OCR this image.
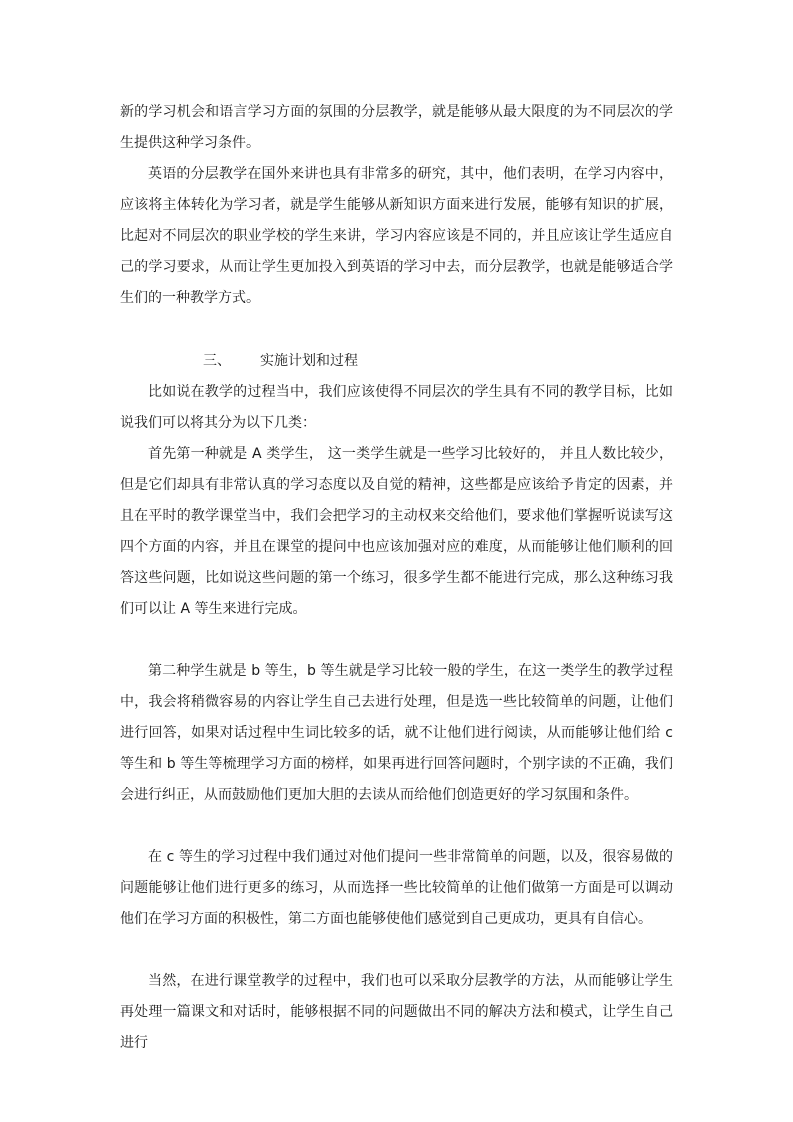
新的学习机会和语言学习方面的氛围的分层教学，就是能够从最大限度的为不同层次的学生提供这种学习条件。

英语的分层教学在国外来讲也具有非常多的研究，其中，他们表明，在学习内容中，应该将主体转化为学习者，就是学生能够从新知识方面来进行发展，能够有知识的扩展，比起对不同层次的职业学校的学生来讲，学习内容应该是不同的，并且应该让学生适应自己的学习要求，从而让学生更加投入到英语的学习中去，而分层教学，也就是能够适合学生们的一种教学方式。

三、 实施计划和过程

比如说在教学的过程当中，我们应该使得不同层次的学生具有不同的教学目标，比如说我们可以将其分为以下几类：

首先第一种就是 A 类学生， 这一类学生就是一些学习比较好的， 并且人数比较少， 但是它们却具有非常认真的学习态度以及自觉的精神，这些都是应该给予肯定的因素，并且在平时的教学课堂当中，我们会把学习的主动权来交给他们，要求他们掌握听说读写这四个方面的内容，并且在课堂的提问中也应该加强对应的难度，从而能够让他们顺利的回答这些问题，比如说这些问题的第一个练习，很多学生都不能进行完成，那么这种练习我们可以让 A 等生来进行完成。

第二种学生就是 b 等生，b 等生就是学习比较一般的学生，在这一类学生的教学过程中，我会将稍微容易的内容让学生自己去进行处理，但是选一些比较简单的问题，让他们进行回答，如果对话过程中生词比较多的话，就不让他们进行阅读，从而能够让他们给 c 等生和 b 等生等梳理学习方面的榜样，如果再进行回答问题时，个别字读的不正确，我们会进行纠正，从而鼓励他们更加大胆的去读从而给他们创造更好的学习氛围和条件。

在 c 等生的学习过程中我们通过对他们提问一些非常简单的问题，以及，很容易做的问题能够让他们进行更多的练习，从而选择一些比较简单的让他们做第一方面是可以调动他们在学习方面的积极性，第二方面也能够使他们感觉到自己更成功，更具有自信心。

当然，在进行课堂教学的过程中，我们也可以采取分层教学的方法，从而能够让学生再处理一篇课文和对话时，能够根据不同的问题做出不同的解决方法和模式，让学生自己进行
